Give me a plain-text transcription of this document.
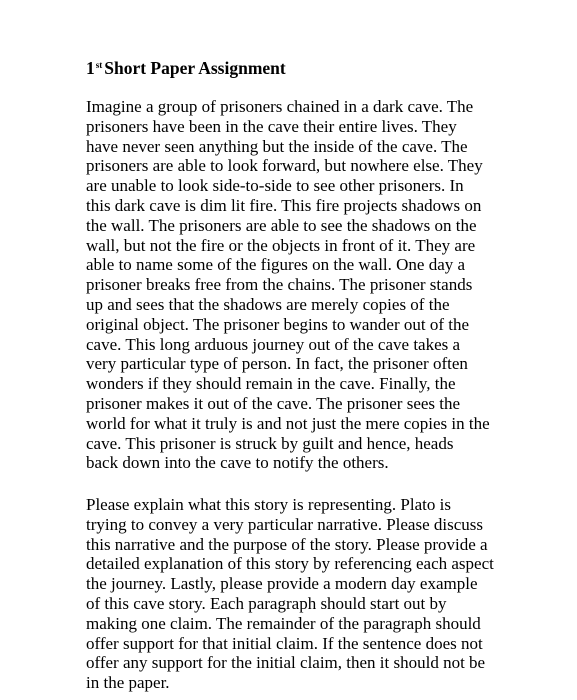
1st Short Paper Assignment
Imagine a group of prisoners chained in a dark cave. The
prisoners have been in the cave their entire lives. They
have never seen anything but the inside of the cave. The
prisoners are able to look forward, but nowhere else. They
are unable to look side-to-side to see other prisoners. In
this dark cave is dim lit fire. This fire projects shadows on
the wall. The prisoners are able to see the shadows on the
wall, but not the fire or the objects in front of it. They are
able to name some of the figures on the wall. One day a
prisoner breaks free from the chains. The prisoner stands
up and sees that the shadows are merely copies of the
original object. The prisoner begins to wander out of the
cave. This long arduous journey out of the cave takes a
very particular type of person. In fact, the prisoner often
wonders if they should remain in the cave. Finally, the
prisoner makes it out of the cave. The prisoner sees the
world for what it truly is and not just the mere copies in the
cave. This prisoner is struck by guilt and hence, heads
back down into the cave to notify the others.
Please explain what this story is representing. Plato is
trying to convey a very particular narrative. Please discuss
this narrative and the purpose of the story. Please provide a
detailed explanation of this story by referencing each aspect
the journey. Lastly, please provide a modern day example
of this cave story. Each paragraph should start out by
making one claim. The remainder of the paragraph should
offer support for that initial claim. If the sentence does not
offer any support for the initial claim, then it should not be
in the paper.
